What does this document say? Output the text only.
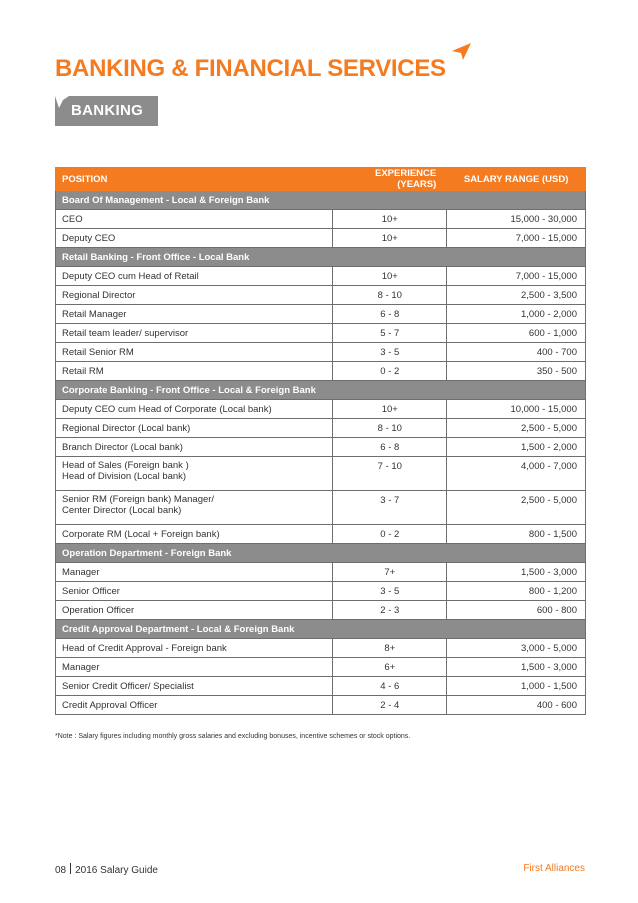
BANKING & FINANCIAL SERVICES
BANKING
POSITION	EXPERIENCE (YEARS)	SALARY RANGE (USD)
Board Of Management - Local & Foreign Bank		

CEO	10+	15,000 - 30,000

Deputy CEO	10+	7,000 - 15,000
Retail Banking - Front Office - Local Bank		

Deputy CEO cum Head of Retail	10+	7,000 - 15,000

Regional Director	8 - 10	2,500 - 3,500

Retail Manager	6 - 8	1,000 - 2,000

Retail team leader/ supervisor	5 - 7	600 - 1,000

Retail Senior RM	3 - 5	400 - 700

Retail RM	0 - 2	350 - 500
Corporate Banking - Front Office - Local & Foreign Bank		

Deputy CEO cum Head of Corporate (Local bank)	10+	10,000 - 15,000

Regional Director (Local bank)	8 - 10	2,500 - 5,000

Branch Director (Local bank)	6 - 8	1,500 - 2,000

Head of Sales (Foreign bank )
Head of Division (Local bank)	7 - 10	4,000 - 7,000

Senior RM (Foreign bank) Manager/
Center Director (Local bank)	3 - 7	2,500 - 5,000

Corporate RM (Local + Foreign bank)	0 - 2	800 - 1,500
Operation Department - Foreign Bank		

Manager	7+	1,500 - 3,000

Senior Officer	3 - 5	800 - 1,200

Operation Officer	2 - 3	600 - 800
Credit Approval Department - Local & Foreign Bank		

Head of Credit Approval - Foreign bank	8+	3,000 - 5,000

Manager	6+	1,500 - 3,000

Senior Credit Officer/ Specialist	4 - 6	1,000 - 1,500

Credit Approval Officer	2 - 4	400 - 600
*Note : Salary figures including monthly gross salaries and excluding bonuses, incentive schemes or stock options.
08 2016 Salary Guide	First Alliances
